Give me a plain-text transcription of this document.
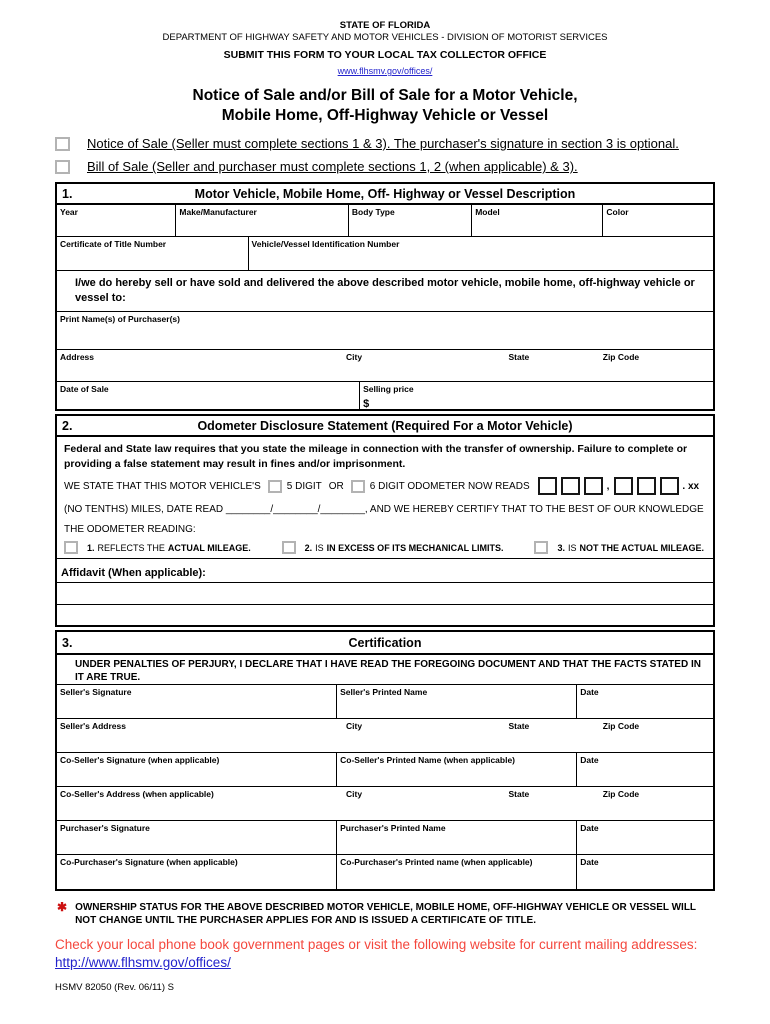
STATE OF FLORIDA
DEPARTMENT OF HIGHWAY SAFETY AND MOTOR VEHICLES - DIVISION OF MOTORIST SERVICES
SUBMIT THIS FORM TO YOUR LOCAL TAX COLLECTOR OFFICE
www.flhsmv.gov/offices/
Notice of Sale and/or Bill of Sale for a Motor Vehicle,
Mobile Home, Off-Highway Vehicle or Vessel
Notice of Sale (Seller must complete sections 1 & 3). The purchaser's signature in section 3 is optional.
Bill of Sale (Seller and purchaser must complete sections 1, 2 (when applicable) & 3).
1.	Motor Vehicle, Mobile Home, Off- Highway or Vessel Description
Year	Make/Manufacturer	Body Type	Model	Color
Certificate of Title Number	Vehicle/Vessel Identification Number
I/we do hereby sell or have sold and delivered the above described motor vehicle, mobile home, off-highway vehicle or vessel to:
Print Name(s) of Purchaser(s)
Address	City	State	Zip Code
Date of Sale	Selling price
$
2.	Odometer Disclosure Statement (Required For a Motor Vehicle)
Federal and State law requires that you state the mileage in connection with the transfer of ownership. Failure to complete or providing a false statement may result in fines and/or imprisonment.
WE STATE THAT THIS MOTOR VEHICLE'S	5 DIGIT OR	6 DIGIT ODOMETER NOW READS	,	. xx
(NO TENTHS) MILES, DATE READ ________/________/________, AND WE HEREBY CERTIFY THAT TO THE BEST OF OUR KNOWLEDGE
THE ODOMETER READING:
1. REFLECTS THE ACTUAL MILEAGE.	2. IS IN EXCESS OF ITS MECHANICAL LIMITS.	3. IS NOT THE ACTUAL MILEAGE.
Affidavit (When applicable):
3.	Certification
UNDER PENALTIES OF PERJURY, I DECLARE THAT I HAVE READ THE FOREGOING DOCUMENT AND THAT THE FACTS STATED IN IT ARE TRUE.
Seller's Signature	Seller's Printed Name	Date
Seller's Address	City	State	Zip Code
Co-Seller's Signature (when applicable)	Co-Seller's Printed Name (when applicable)	Date
Co-Seller's Address (when applicable)	City	State	Zip Code
Purchaser's Signature	Purchaser's Printed Name	Date
Co-Purchaser's Signature (when applicable)	Co-Purchaser's Printed name (when applicable)	Date
✱ OWNERSHIP STATUS FOR THE ABOVE DESCRIBED MOTOR VEHICLE, MOBILE HOME, OFF-HIGHWAY VEHICLE OR VESSEL WILL NOT CHANGE UNTIL THE PURCHASER APPLIES FOR AND IS ISSUED A CERTIFICATE OF TITLE.
Check your local phone book government pages or visit the following website for current mailing addresses: http://www.flhsmv.gov/offices/
HSMV 82050 (Rev. 06/11) S
